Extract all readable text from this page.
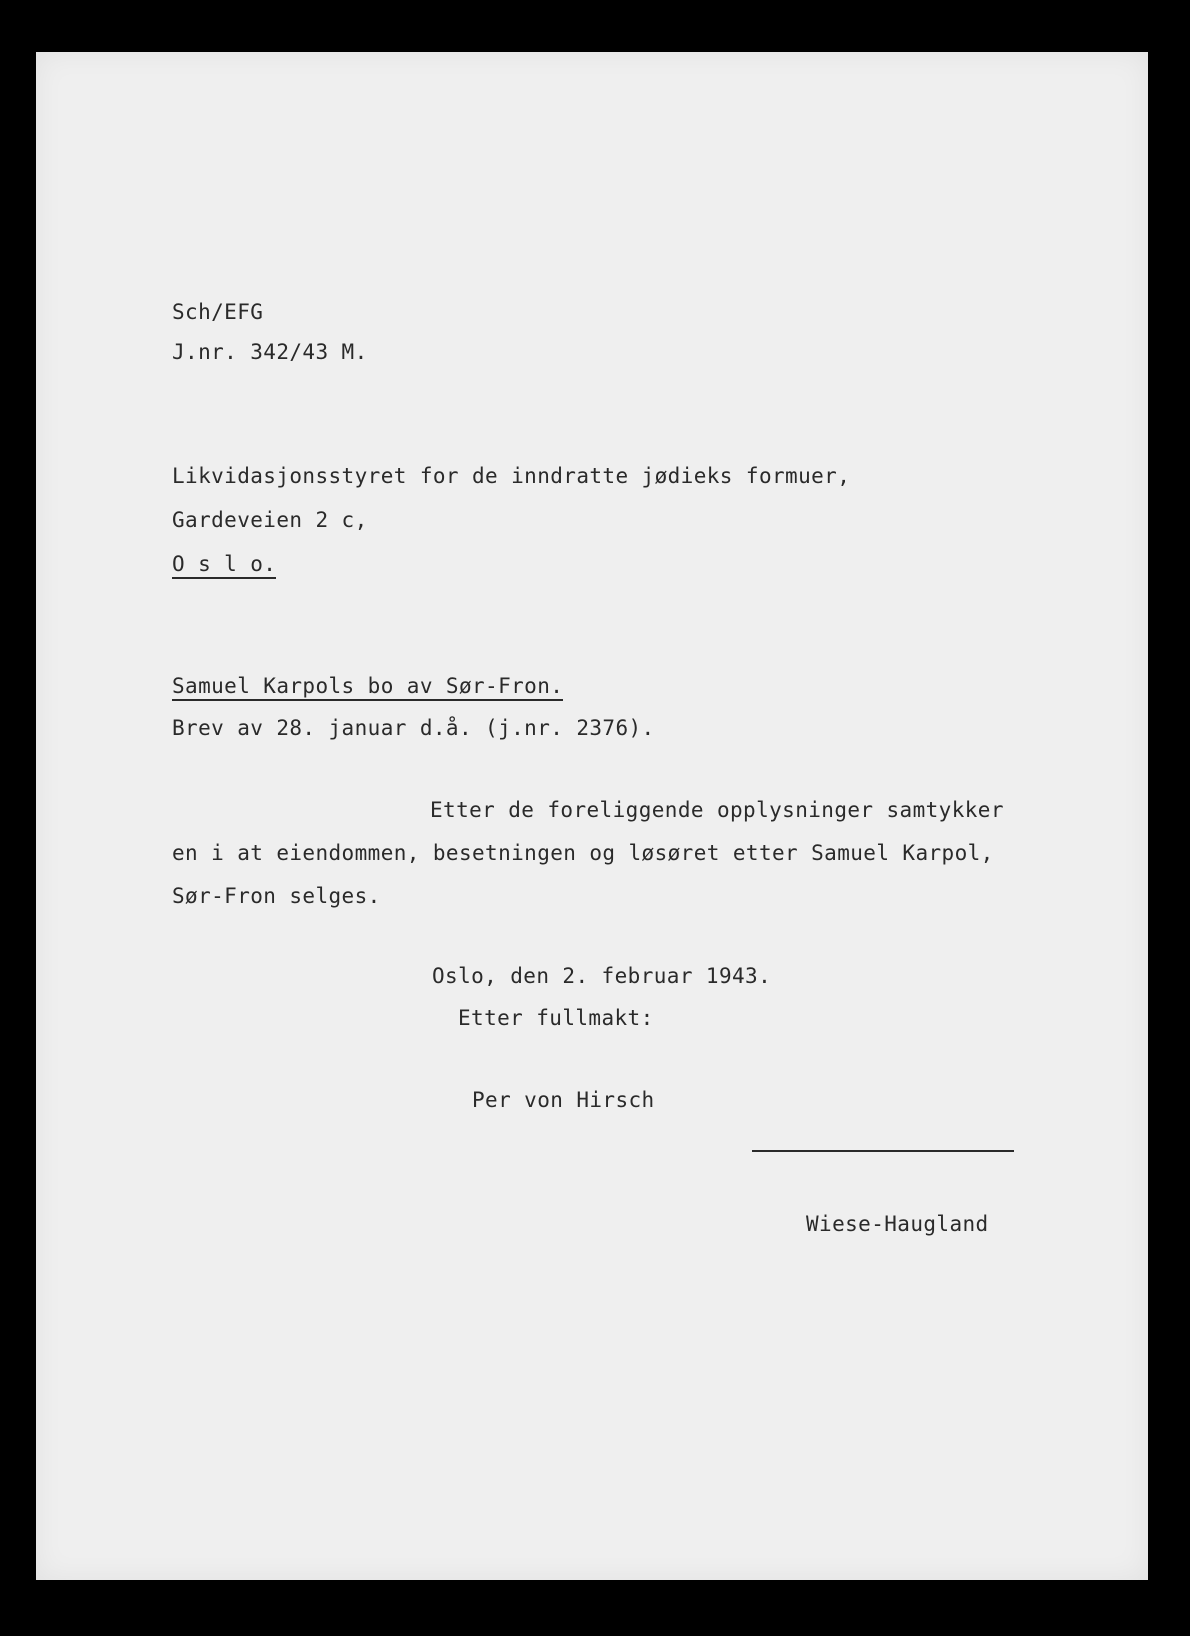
Sch/EFG
J.nr. 342/43 M.
Likvidasjonsstyret for de inndratte jødieks formuer,
Gardeveien 2 c,
O s l o.
Samuel Karpols bo av Sør-Fron.
Brev av 28. januar d.å. (j.nr. 2376).
Etter de foreliggende opplysninger samtykker
en i at eiendommen, besetningen og løsøret etter Samuel Karpol,
Sør-Fron selges.
Oslo, den 2. februar 1943.
Etter fullmakt:
Per von Hirsch
Wiese-Haugland
